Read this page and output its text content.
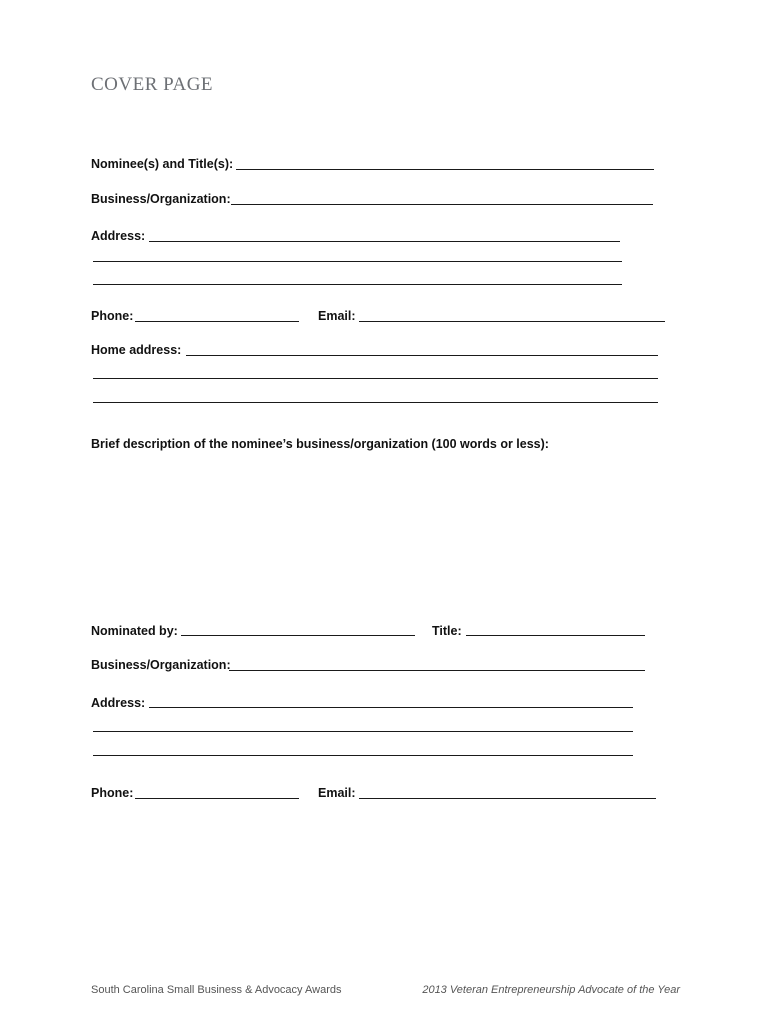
COVER PAGE
Nominee(s) and Title(s):
Business/Organization:
Address:
Phone:	Email:
Home address:
Brief description of the nominee’s business/organization (100 words or less):
Nominated by:	Title:
Business/Organization:
Address:
Phone:	Email:
South Carolina Small Business & Advocacy Awards	2013 Veteran Entrepreneurship Advocate of the Year
